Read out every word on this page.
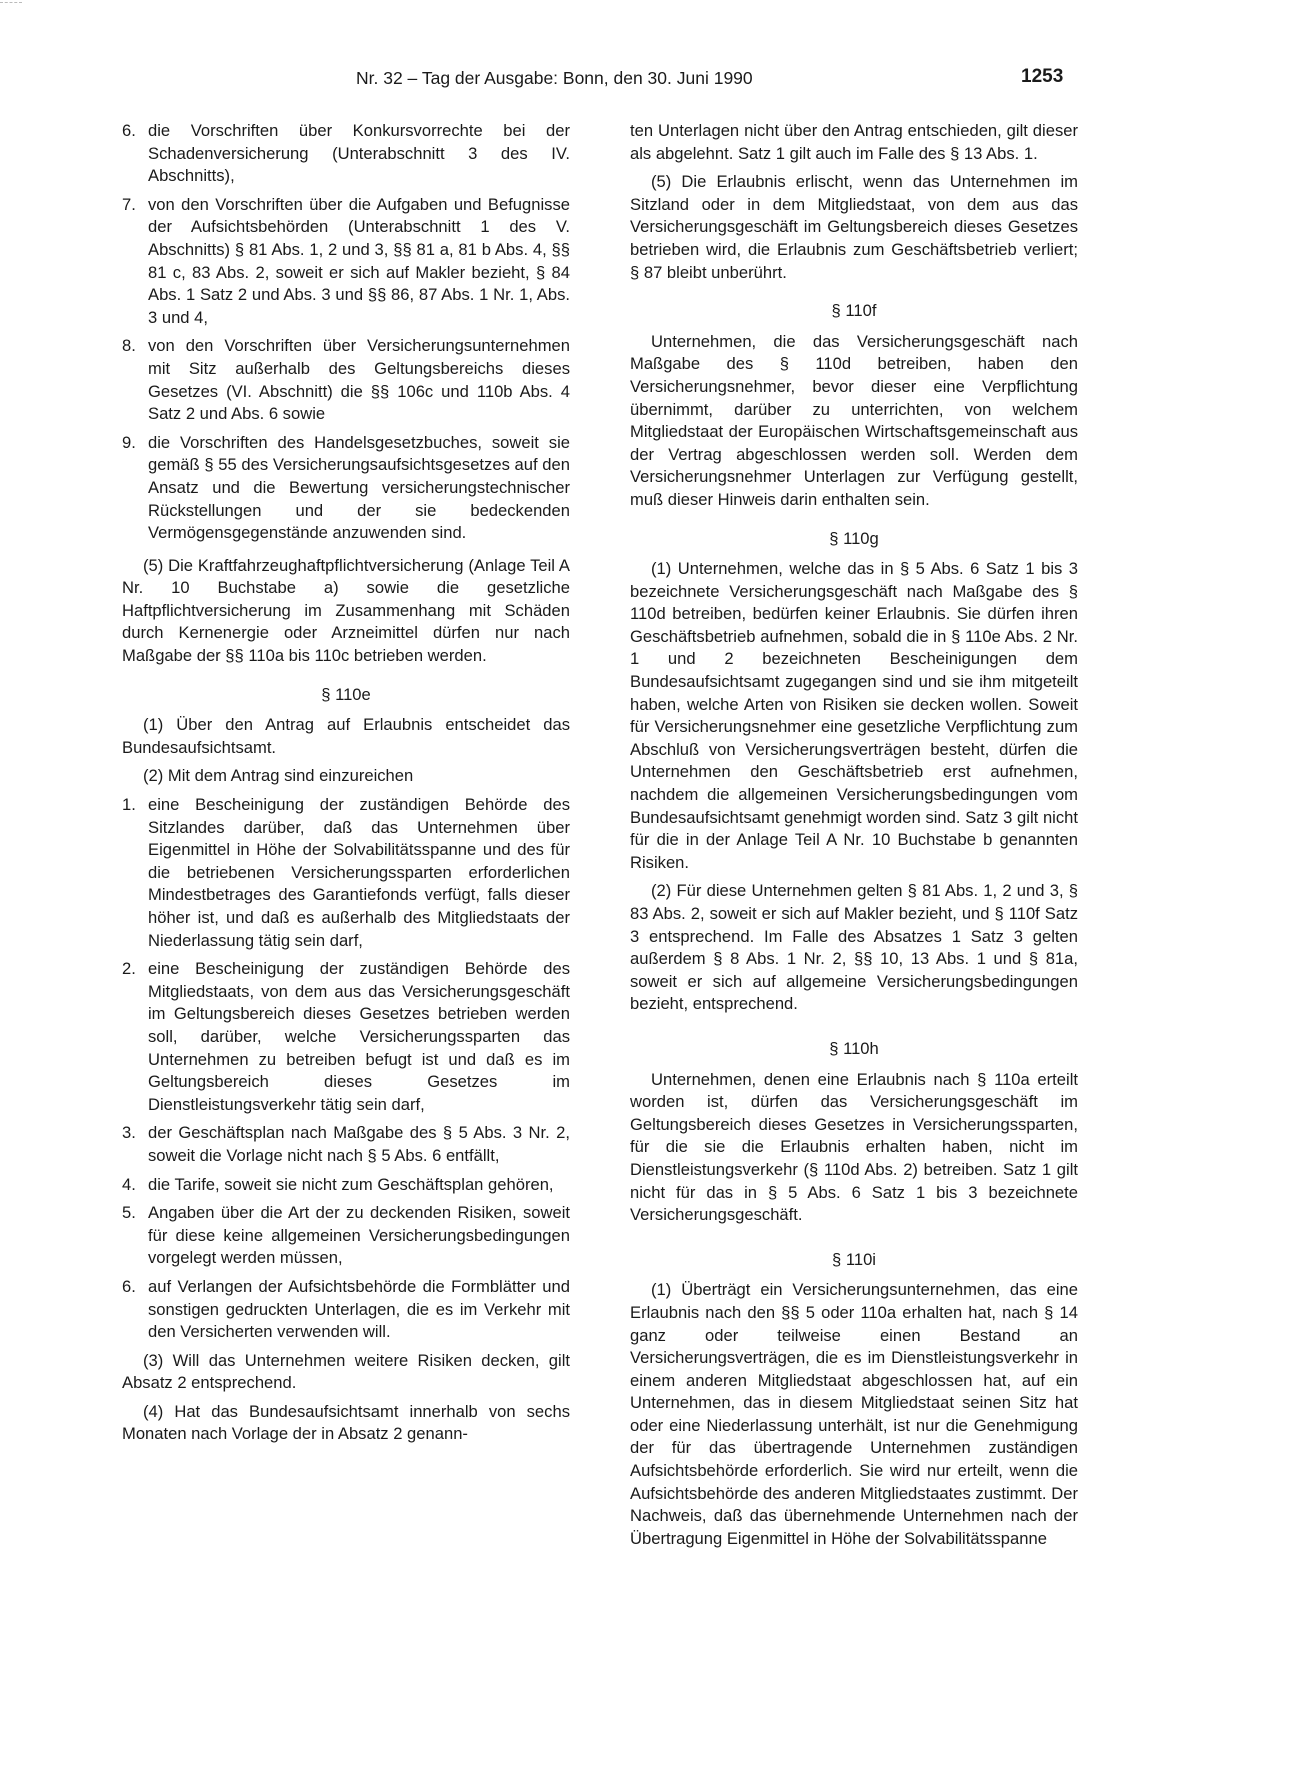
Nr. 32 – Tag der Ausgabe: Bonn, den 30. Juni 1990	1253
6. die Vorschriften über Konkursvorrechte bei der Schadenversicherung (Unterabschnitt 3 des IV. Abschnitts),
7. von den Vorschriften über die Aufgaben und Befugnisse der Aufsichtsbehörden (Unterabschnitt 1 des V. Abschnitts) § 81 Abs. 1, 2 und 3, §§ 81 a, 81 b Abs. 4, §§ 81 c, 83 Abs. 2, soweit er sich auf Makler bezieht, § 84 Abs. 1 Satz 2 und Abs. 3 und §§ 86, 87 Abs. 1 Nr. 1, Abs. 3 und 4,
8. von den Vorschriften über Versicherungsunternehmen mit Sitz außerhalb des Geltungsbereichs dieses Gesetzes (VI. Abschnitt) die §§ 106c und 110b Abs. 4 Satz 2 und Abs. 6 sowie
9. die Vorschriften des Handelsgesetzbuches, soweit sie gemäß § 55 des Versicherungsaufsichtsgesetzes auf den Ansatz und die Bewertung versicherungstechnischer Rückstellungen und der sie bedeckenden Vermögensgegenstände anzuwenden sind.

(5) Die Kraftfahrzeughaftpflichtversicherung (Anlage Teil A Nr. 10 Buchstabe a) sowie die gesetzliche Haftpflichtversicherung im Zusammenhang mit Schäden durch Kernenergie oder Arzneimittel dürfen nur nach Maßgabe der §§ 110a bis 110c betrieben werden.

§ 110e

(1) Über den Antrag auf Erlaubnis entscheidet das Bundesaufsichtsamt.

(2) Mit dem Antrag sind einzureichen

1. eine Bescheinigung der zuständigen Behörde des Sitzlandes darüber, daß das Unternehmen über Eigenmittel in Höhe der Solvabilitätsspanne und des für die betriebenen Versicherungssparten erforderlichen Mindestbetrages des Garantiefonds verfügt, falls dieser höher ist, und daß es außerhalb des Mitgliedstaats der Niederlassung tätig sein darf,
2. eine Bescheinigung der zuständigen Behörde des Mitgliedstaats, von dem aus das Versicherungsgeschäft im Geltungsbereich dieses Gesetzes betrieben werden soll, darüber, welche Versicherungssparten das Unternehmen zu betreiben befugt ist und daß es im Geltungsbereich dieses Gesetzes im Dienstleistungsverkehr tätig sein darf,
3. der Geschäftsplan nach Maßgabe des § 5 Abs. 3 Nr. 2, soweit die Vorlage nicht nach § 5 Abs. 6 entfällt,
4. die Tarife, soweit sie nicht zum Geschäftsplan gehören,
5. Angaben über die Art der zu deckenden Risiken, soweit für diese keine allgemeinen Versicherungsbedingungen vorgelegt werden müssen,
6. auf Verlangen der Aufsichtsbehörde die Formblätter und sonstigen gedruckten Unterlagen, die es im Verkehr mit den Versicherten verwenden will.

(3) Will das Unternehmen weitere Risiken decken, gilt Absatz 2 entsprechend.

(4) Hat das Bundesaufsichtsamt innerhalb von sechs Monaten nach Vorlage der in Absatz 2 genann-

ten Unterlagen nicht über den Antrag entschieden, gilt dieser als abgelehnt. Satz 1 gilt auch im Falle des § 13 Abs. 1.

(5) Die Erlaubnis erlischt, wenn das Unternehmen im Sitzland oder in dem Mitgliedstaat, von dem aus das Versicherungsgeschäft im Geltungsbereich dieses Gesetzes betrieben wird, die Erlaubnis zum Geschäftsbetrieb verliert; § 87 bleibt unberührt.

§ 110f

Unternehmen, die das Versicherungsgeschäft nach Maßgabe des § 110d betreiben, haben den Versicherungsnehmer, bevor dieser eine Verpflichtung übernimmt, darüber zu unterrichten, von welchem Mitgliedstaat der Europäischen Wirtschaftsgemeinschaft aus der Vertrag abgeschlossen werden soll. Werden dem Versicherungsnehmer Unterlagen zur Verfügung gestellt, muß dieser Hinweis darin enthalten sein.

§ 110g

(1) Unternehmen, welche das in § 5 Abs. 6 Satz 1 bis 3 bezeichnete Versicherungsgeschäft nach Maßgabe des § 110d betreiben, bedürfen keiner Erlaubnis. Sie dürfen ihren Geschäftsbetrieb aufnehmen, sobald die in § 110e Abs. 2 Nr. 1 und 2 bezeichneten Bescheinigungen dem Bundesaufsichtsamt zugegangen sind und sie ihm mitgeteilt haben, welche Arten von Risiken sie decken wollen. Soweit für Versicherungsnehmer eine gesetzliche Verpflichtung zum Abschluß von Versicherungsverträgen besteht, dürfen die Unternehmen den Geschäftsbetrieb erst aufnehmen, nachdem die allgemeinen Versicherungsbedingungen vom Bundesaufsichtsamt genehmigt worden sind. Satz 3 gilt nicht für die in der Anlage Teil A Nr. 10 Buchstabe b genannten Risiken.

(2) Für diese Unternehmen gelten § 81 Abs. 1, 2 und 3, § 83 Abs. 2, soweit er sich auf Makler bezieht, und § 110f Satz 3 entsprechend. Im Falle des Absatzes 1 Satz 3 gelten außerdem § 8 Abs. 1 Nr. 2, §§ 10, 13 Abs. 1 und § 81a, soweit er sich auf allgemeine Versicherungsbedingungen bezieht, entsprechend.

§ 110h

Unternehmen, denen eine Erlaubnis nach § 110a erteilt worden ist, dürfen das Versicherungsgeschäft im Geltungsbereich dieses Gesetzes in Versicherungssparten, für die sie die Erlaubnis erhalten haben, nicht im Dienstleistungsverkehr (§ 110d Abs. 2) betreiben. Satz 1 gilt nicht für das in § 5 Abs. 6 Satz 1 bis 3 bezeichnete Versicherungsgeschäft.

§ 110i

(1) Überträgt ein Versicherungsunternehmen, das eine Erlaubnis nach den §§ 5 oder 110a erhalten hat, nach § 14 ganz oder teilweise einen Bestand an Versicherungsverträgen, die es im Dienstleistungsverkehr in einem anderen Mitgliedstaat abgeschlossen hat, auf ein Unternehmen, das in diesem Mitgliedstaat seinen Sitz hat oder eine Niederlassung unterhält, ist nur die Genehmigung der für das übertragende Unternehmen zuständigen Aufsichtsbehörde erforderlich. Sie wird nur erteilt, wenn die Aufsichtsbehörde des anderen Mitgliedstaates zustimmt. Der Nachweis, daß das übernehmende Unternehmen nach der Übertragung Eigenmittel in Höhe der Solvabilitätsspanne
